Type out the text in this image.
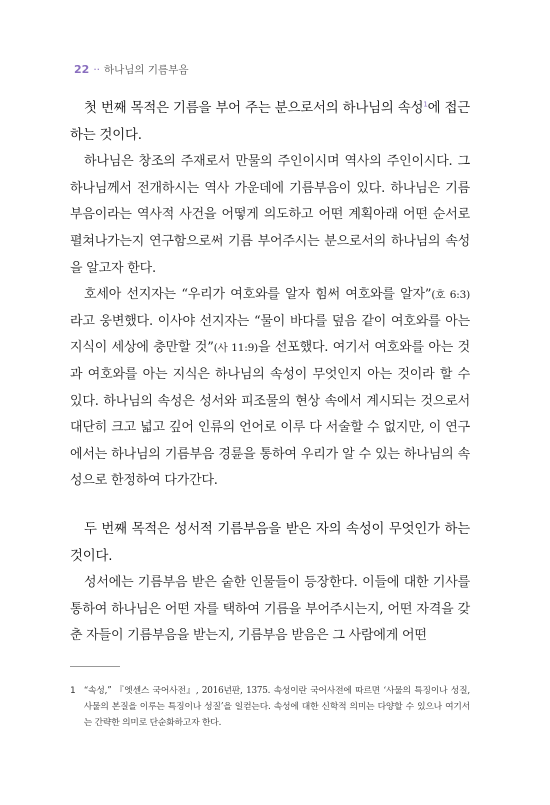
22 ·· 하나님의 기름부음

첫 번째 목적은 기름을 부어 주는 분으로서의 하나님의 속성$^1$에 접근하는 것이다.

하나님은 창조의 주재로서 만물의 주인이시며 역사의 주인이시다. 그 하나님께서 전개하시는 역사 가운데에 기름부음이 있다. 하나님은 기름부음이라는 역사적 사건을 어떻게 의도하고 어떤 계획아래 어떤 순서로 펼쳐나가는지 연구함으로써 기름 부어주시는 분으로서의 하나님의 속성을 알고자 한다.

호세아 선지자는 “우리가 여호와를 알자 힘써 여호와를 알자”(호 6:3) 라고 웅변했다. 이사야 선지자는 “물이 바다를 덮음 같이 여호와를 아는 지식이 세상에 충만할 것”(사 11:9)을 선포했다. 여기서 여호와를 아는 것과 여호와를 아는 지식은 하나님의 속성이 무엇인지 아는 것이라 할 수 있다. 하나님의 속성은 성서와 피조물의 현상 속에서 계시되는 것으로서 대단히 크고 넓고 깊어 인류의 언어로 이루 다 서술할 수 없지만, 이 연구에서는 하나님의 기름부음 경륜을 통하여 우리가 알 수 있는 하나님의 속성으로 한정하여 다가간다.

두 번째 목적은 성서적 기름부음을 받은 자의 속성이 무엇인가 하는 것이다.

성서에는 기름부음 받은 숱한 인물들이 등장한다. 이들에 대한 기사를 통하여 하나님은 어떤 자를 택하여 기름을 부어주시는지, 어떤 자격을 갖춘 자들이 기름부음을 받는지, 기름부음 받음은 그 사람에게 어떤

1 “속성,” 『엣센스 국어사전』, 2016년판, 1375. 속성이란 국어사전에 따르면 ‘사물의 특징이나 성질, 사물의 본질을 이루는 특징이나 성질’을 일컫는다. 속성에 대한 신학적 의미는 다양할 수 있으나 여기서는 간략한 의미로 단순화하고자 한다.
